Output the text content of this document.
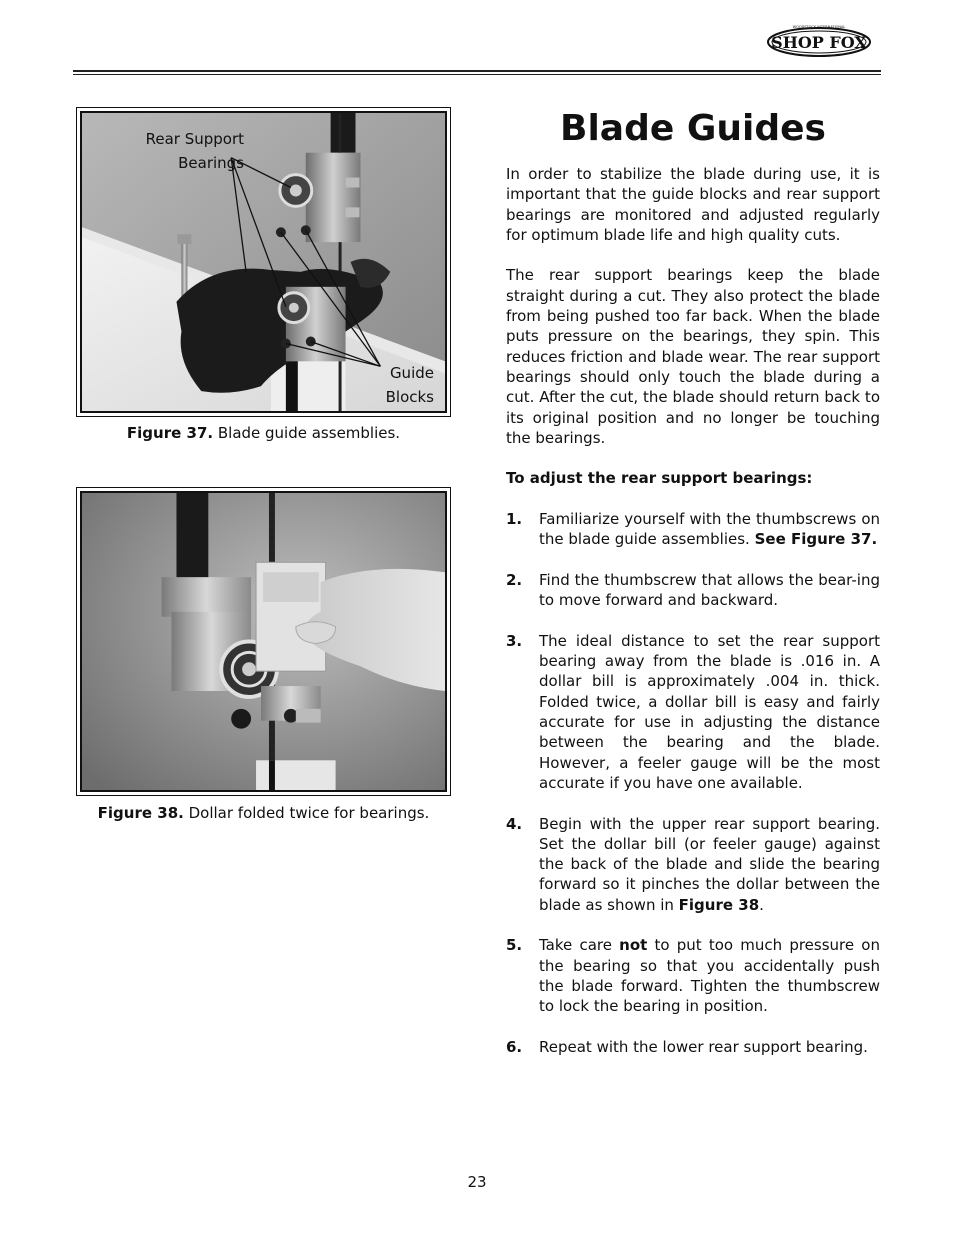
SHOP FOX
WOODSTOCK INTERNATIONAL
Rear Support
Bearings
Guide
Blocks
Figure 37. Blade guide assemblies.
Figure 38. Dollar folded twice for bearings.
Blade Guides

In order to stabilize the blade during use, it is important that the guide blocks and rear support bearings are monitored and adjusted regularly for optimum blade life and high quality cuts.

The rear support bearings keep the blade straight during a cut. They also protect the blade from being pushed too far back. When the blade puts pressure on the bearings, they spin. This reduces friction and blade wear. The rear support bearings should only touch the blade during a cut. After the cut, the blade should return back to its original position and no longer be touching the bearings.

To adjust the rear support bearings:

1.	Familiarize yourself with the thumbscrews on the blade guide assemblies. See Figure 37.
2.	Find the thumbscrew that allows the bear-ing to move forward and backward.
3.	The ideal distance to set the rear support bearing away from the blade is .016 in. A dollar bill is approximately .004 in. thick. Folded twice, a dollar bill is easy and fairly accurate for use in adjusting the distance between the bearing and the blade. However, a feeler gauge will be the most accurate if you have one available.
4.	Begin with the upper rear support bearing. Set the dollar bill (or feeler gauge) against the back of the blade and slide the bearing forward so it pinches the dollar between the blade as shown in Figure 38.
5.	Take care not to put too much pressure on the bearing so that you accidentally push the blade forward. Tighten the thumbscrew to lock the bearing in position.
6.	Repeat with the lower rear support bearing.
23
